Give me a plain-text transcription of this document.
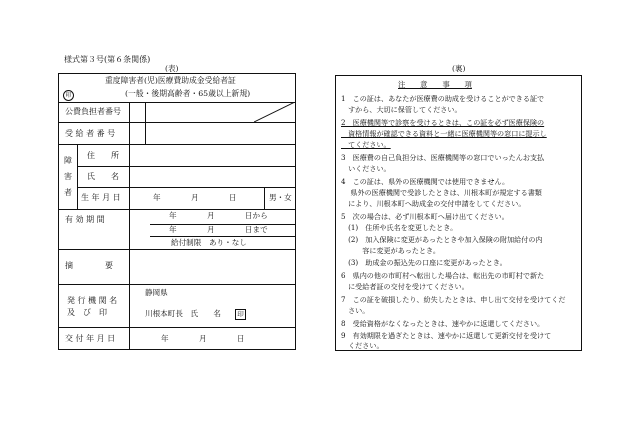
様式第３号(第６条関係)
(表)	(裏)
重度障害者(児)医療費助成金受給者証
印	(一般・後期高齢者・65歳以上新規)
公費負担者番号
受 給 者 番 号
障
害
者
住　　所
氏　　名
生 年 月 日	年　　　　月　　　　日	男・女
有 効 期 間	年　　　　月　　　　日から
年　　　　月　　　　日まで
給付制限　あり・なし
摘　　　　要
発 行 機 関 名
及　び　印
静岡県
川根本町長　氏　　名	印
交 付 年 月 日	年　　　　月　　　　日
注　　意　　事　　項
1　この証は、あなたが医療費の助成を受けることができる証で
　すから、大切に保管してください。
2　医療機関等で診察を受けるときは、この証を必ず医療保険の
　資格情報が確認できる資料と一緒に医療機関等の窓口に提示し
　てください。
3　医療費の自己負担分は、医療機関等の窓口でいったんお支払
　いください。
4　この証は、県外の医療機関では使用できません。
　 県外の医療機関で受診したときは、川根本町が規定する書類
　により、川根本町へ助成金の交付申請をしてください。
5　次の場合は、必ず川根本町へ届け出てください。
　(1)　住所や氏名を変更したとき。
　(2)　加入保険に変更があったときや加入保険の附加給付の内
　　　容に変更があったとき。
　(3)　助成金の振込先の口座に変更があったとき。
6　県内の他の市町村へ転出した場合は、転出先の市町村で新た
　に受給者証の交付を受けてください。
7　この証を破損したり、紛失したときは、申し出て交付を受けてくだ
　さい。
8　受給資格がなくなったときは、速やかに返還してください。
9　有効期限を過ぎたときは、速やかに返還して更新交付を受けて
　ください。
